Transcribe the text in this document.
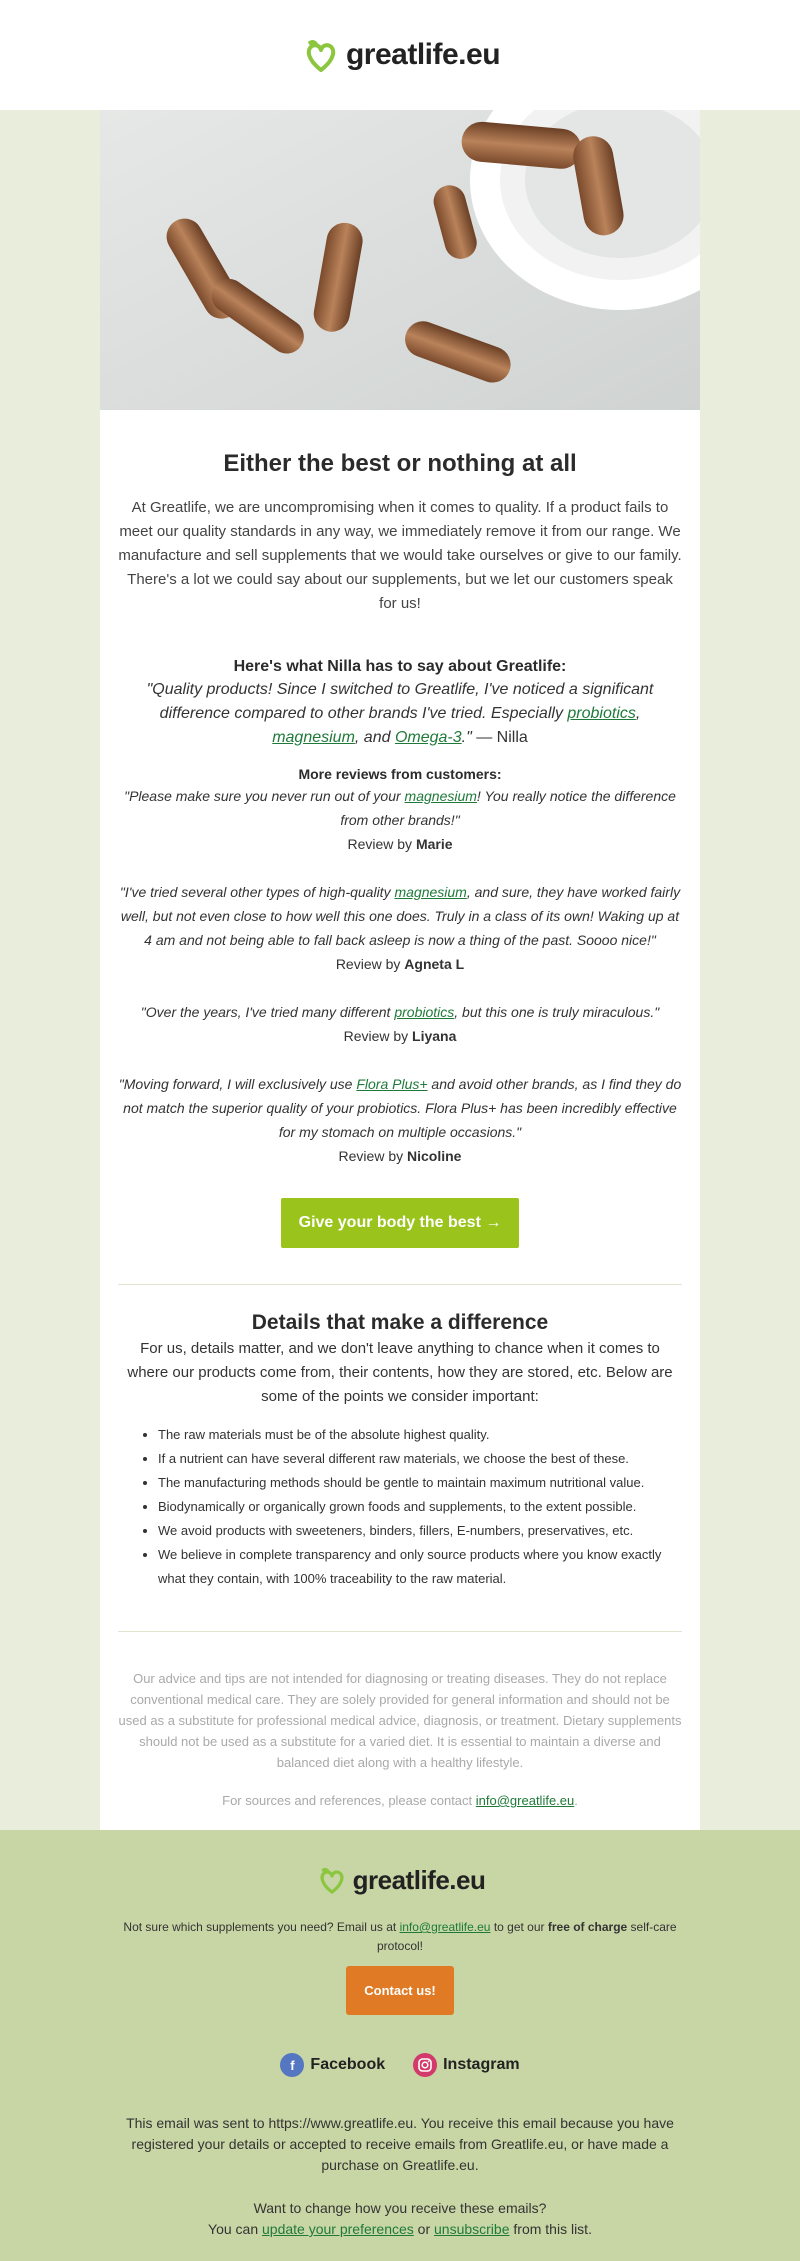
greatlife.eu
Either the best or nothing at all

At Greatlife, we are uncompromising when it comes to quality. If a product fails to meet our quality standards in any way, we immediately remove it from our range. We manufacture and sell supplements that we would take ourselves or give to our family. There's a lot we could say about our supplements, but we let our customers speak for us!

Here's what Nilla has to say about Greatlife:

"Quality products! Since I switched to Greatlife, I've noticed a significant difference compared to other brands I've tried. Especially probiotics, magnesium, and Omega-3." — Nilla

More reviews from customers:

"Please make sure you never run out of your magnesium! You really notice the difference from other brands!"

Review by Marie

"I've tried several other types of high-quality magnesium, and sure, they have worked fairly well, but not even close to how well this one does. Truly in a class of its own! Waking up at 4 am and not being able to fall back asleep is now a thing of the past. Soooo nice!"

Review by Agneta L

"Over the years, I've tried many different probiotics, but this one is truly miraculous."

Review by Liyana

"Moving forward, I will exclusively use Flora Plus+ and avoid other brands, as I find they do not match the superior quality of your probiotics. Flora Plus+ has been incredibly effective for my stomach on multiple occasions."

Review by Nicoline

Give your body the best →
Details that make a difference

For us, details matter, and we don't leave anything to chance when it comes to where our products come from, their contents, how they are stored, etc. Below are some of the points we consider important:

• The raw materials must be of the absolute highest quality.
• If a nutrient can have several different raw materials, we choose the best of these.
• The manufacturing methods should be gentle to maintain maximum nutritional value.
• Biodynamically or organically grown foods and supplements, to the extent possible.
• We avoid products with sweeteners, binders, fillers, E-numbers, preservatives, etc.
• We believe in complete transparency and only source products where you know exactly what they contain, with 100% traceability to the raw material.

Our advice and tips are not intended for diagnosing or treating diseases. They do not replace conventional medical care. They are solely provided for general information and should not be used as a substitute for professional medical advice, diagnosis, or treatment. Dietary supplements should not be used as a substitute for a varied diet. It is essential to maintain a diverse and balanced diet along with a healthy lifestyle.

For sources and references, please contact info@greatlife.eu.

greatlife.eu

Not sure which supplements you need? Email us at info@greatlife.eu to get our free of charge self-care protocol!

Contact us!
f Facebook	Instagram

This email was sent to https://www.greatlife.eu. You receive this email because you have registered your details or accepted to receive emails from Greatlife.eu, or have made a purchase on Greatlife.eu.

Want to change how you receive these emails?

You can update your preferences or unsubscribe from this list.
